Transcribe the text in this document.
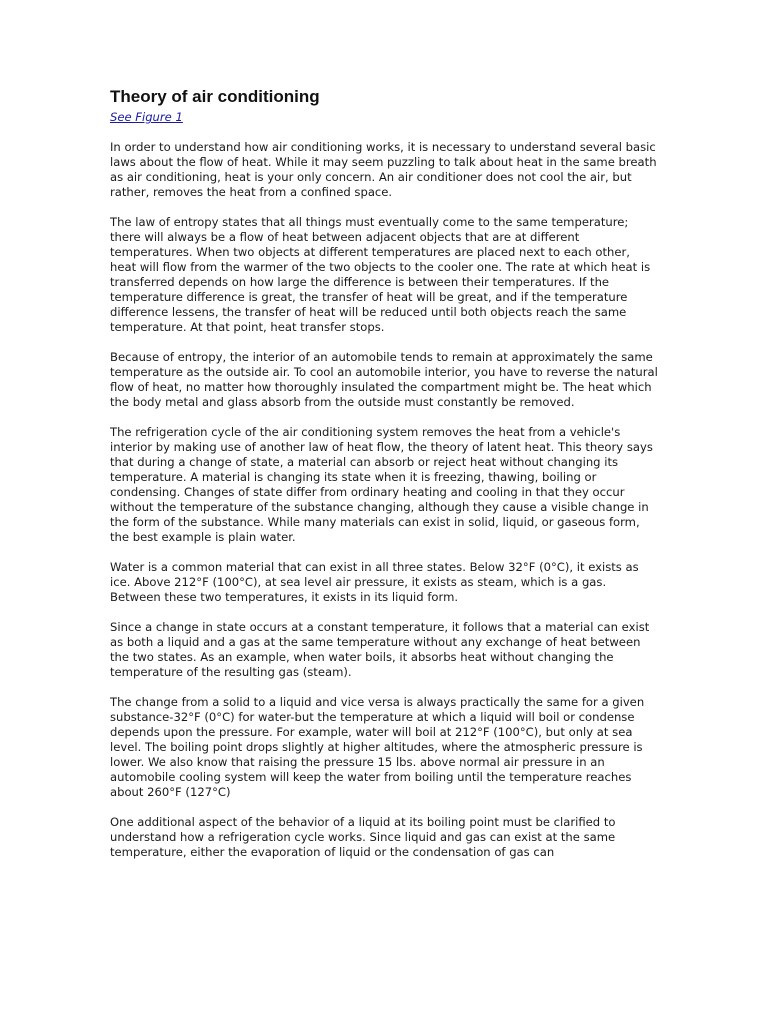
Theory of air conditioning
See Figure 1

In order to understand how air conditioning works, it is necessary to understand several basic laws about the flow of heat. While it may seem puzzling to talk about heat in the same breath as air conditioning, heat is your only concern. An air conditioner does not cool the air, but rather, removes the heat from a confined space.

The law of entropy states that all things must eventually come to the same temperature; there will always be a flow of heat between adjacent objects that are at different temperatures. When two objects at different temperatures are placed next to each other, heat will flow from the warmer of the two objects to the cooler one. The rate at which heat is transferred depends on how large the difference is between their temperatures. If the temperature difference is great, the transfer of heat will be great, and if the temperature difference lessens, the transfer of heat will be reduced until both objects reach the same temperature. At that point, heat transfer stops.

Because of entropy, the interior of an automobile tends to remain at approximately the same temperature as the outside air. To cool an automobile interior, you have to reverse the natural flow of heat, no matter how thoroughly insulated the compartment might be. The heat which the body metal and glass absorb from the outside must constantly be removed.

The refrigeration cycle of the air conditioning system removes the heat from a vehicle's interior by making use of another law of heat flow, the theory of latent heat. This theory says that during a change of state, a material can absorb or reject heat without changing its temperature. A material is changing its state when it is freezing, thawing, boiling or condensing. Changes of state differ from ordinary heating and cooling in that they occur without the temperature of the substance changing, although they cause a visible change in the form of the substance. While many materials can exist in solid, liquid, or gaseous form, the best example is plain water.

Water is a common material that can exist in all three states. Below 32°F (0°C), it exists as ice. Above 212°F (100°C), at sea level air pressure, it exists as steam, which is a gas. Between these two temperatures, it exists in its liquid form.

Since a change in state occurs at a constant temperature, it follows that a material can exist as both a liquid and a gas at the same temperature without any exchange of heat between the two states. As an example, when water boils, it absorbs heat without changing the temperature of the resulting gas (steam).

The change from a solid to a liquid and vice versa is always practically the same for a given substance-32°F (0°C) for water-but the temperature at which a liquid will boil or condense depends upon the pressure. For example, water will boil at 212°F (100°C), but only at sea level. The boiling point drops slightly at higher altitudes, where the atmospheric pressure is lower. We also know that raising the pressure 15 lbs. above normal air pressure in an automobile cooling system will keep the water from boiling until the temperature reaches about 260°F (127°C)

One additional aspect of the behavior of a liquid at its boiling point must be clarified to understand how a refrigeration cycle works. Since liquid and gas can exist at the same temperature, either the evaporation of liquid or the condensation of gas can
